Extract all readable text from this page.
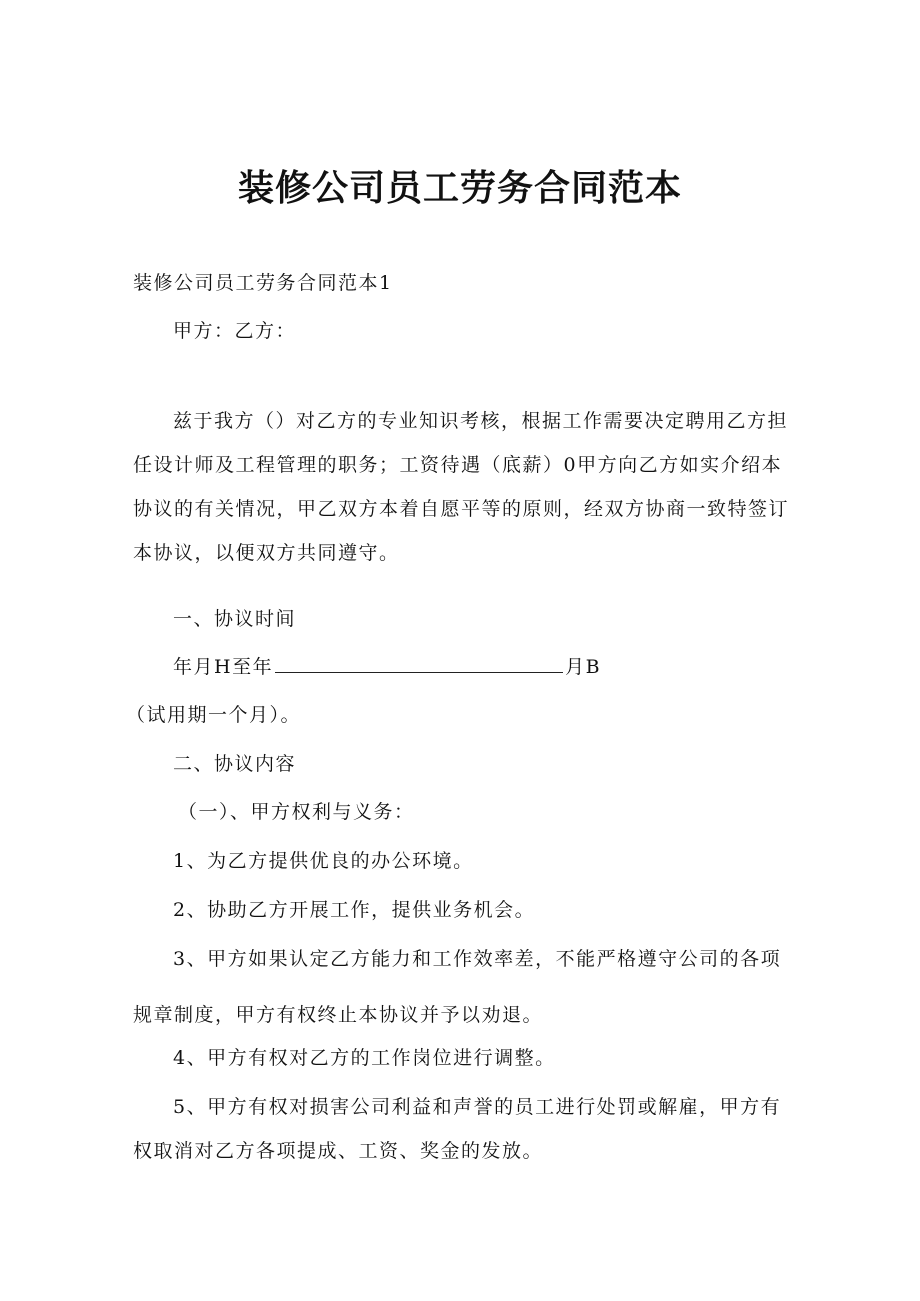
装修公司员工劳务合同范本
装修公司员工劳务合同范本1
甲方：乙方：
兹于我方（）对乙方的专业知识考核，根据工作需要决定聘用乙方担任设计师及工程管理的职务；工资待遇（底薪）0甲方向乙方如实介绍本协议的有关情况，甲乙双方本着自愿平等的原则，经双方协商一致特签订本协议，以便双方共同遵守。
一、协议时间
年月H至年	月B
（试用期一个月）。
二、协议内容
（一）、甲方权利与义务：
1、为乙方提供优良的办公环境。
2、协助乙方开展工作，提供业务机会。
3、甲方如果认定乙方能力和工作效率差，不能严格遵守公司的各项规章制度，甲方有权终止本协议并予以劝退。
4、甲方有权对乙方的工作岗位进行调整。
5、甲方有权对损害公司利益和声誉的员工进行处罚或解雇，甲方有权取消对乙方各项提成、工资、奖金的发放。
